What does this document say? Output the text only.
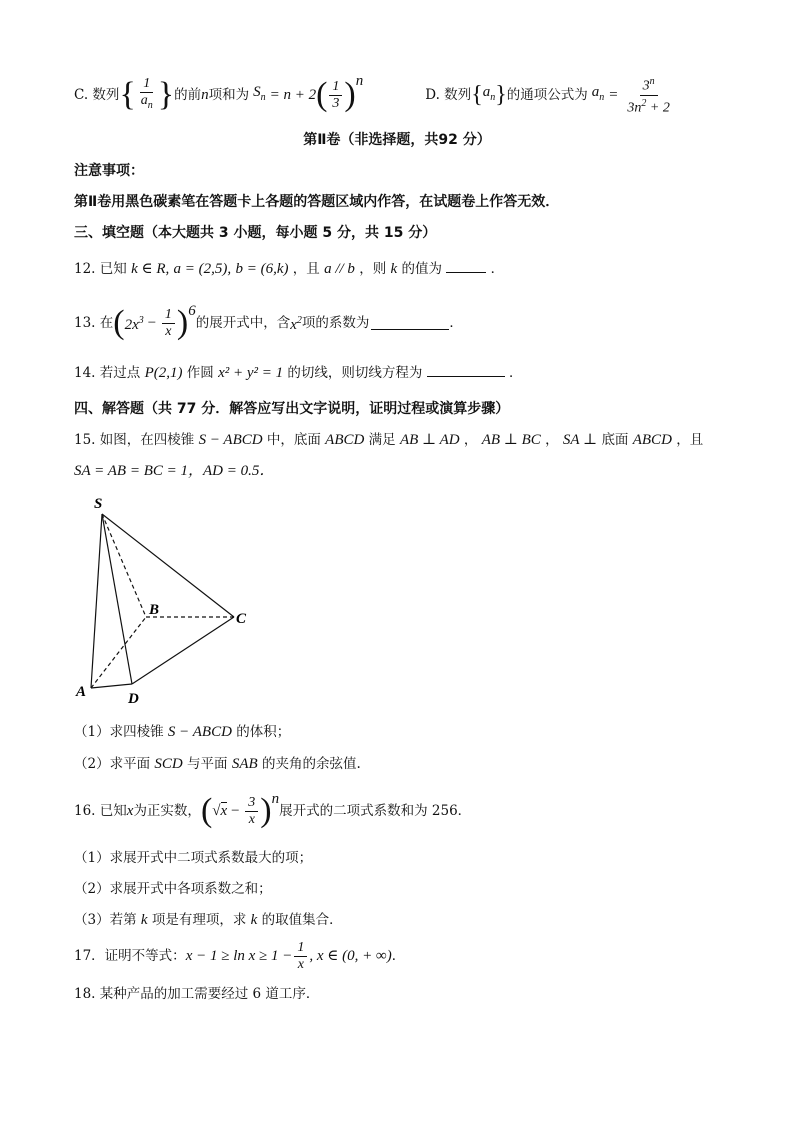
C. 数列 { $\frac{1}{a_n}$ } 的前 n 项和为 $S_n = n + 2$ ( $\frac{1}{3}$ ) n
D. 数列 { $a_n$ } 的通项公式为 $a_n = \frac{3^n}{3n^2 + 2}$
第Ⅱ卷（非选择题，共92 分）
注意事项：
第Ⅱ卷用黑色碳素笔在答题卡上各题的答题区域内作答，在试题卷上作答无效．
三、填空题（本大题共 3 小题，每小题 5 分，共 15 分）
12. 已知 k ∈ R, a = (2,5), b = (6,k) ，且 a // b ，则 k 的值为	．
13. 在 ( $2x^3 - \frac{1}{x}$ ) 6
的展开式中，含 $x^2$ 项的系数为	．
14. 若过点 P(2,1) 作圆 x² + y² = 1 的切线，则切线方程为	．
四、解答题（共 77 分．解答应写出文字说明，证明过程或演算步骤）
15. 如图，在四棱锥 S − ABCD 中，底面 ABCD 满足 AB ⊥ AD ， AB ⊥ BC ， SA ⊥ 底面 ABCD ，且
SA = AB = BC = 1，AD = 0.5．
S
B
C
A	D
（1）求四棱锥 S − ABCD 的体积；
（2）求平面 SCD 与平面 SAB 的夹角的余弦值.
16. 已知 x 为正实数， ( $√x - \frac{3}{x}$ ) n
展开式的二项式系数和为 256．
（1）求展开式中二项式系数最大的项；
（2）求展开式中各项系数之和；
（3）若第 k 项是有理项，求 k 的取值集合．
17．证明不等式： $x - 1 \ge \ln x \ge 1 - \frac{1}{x}$ , x ∈ (0, + ∞) ．
18. 某种产品的加工需要经过 6 道工序．
